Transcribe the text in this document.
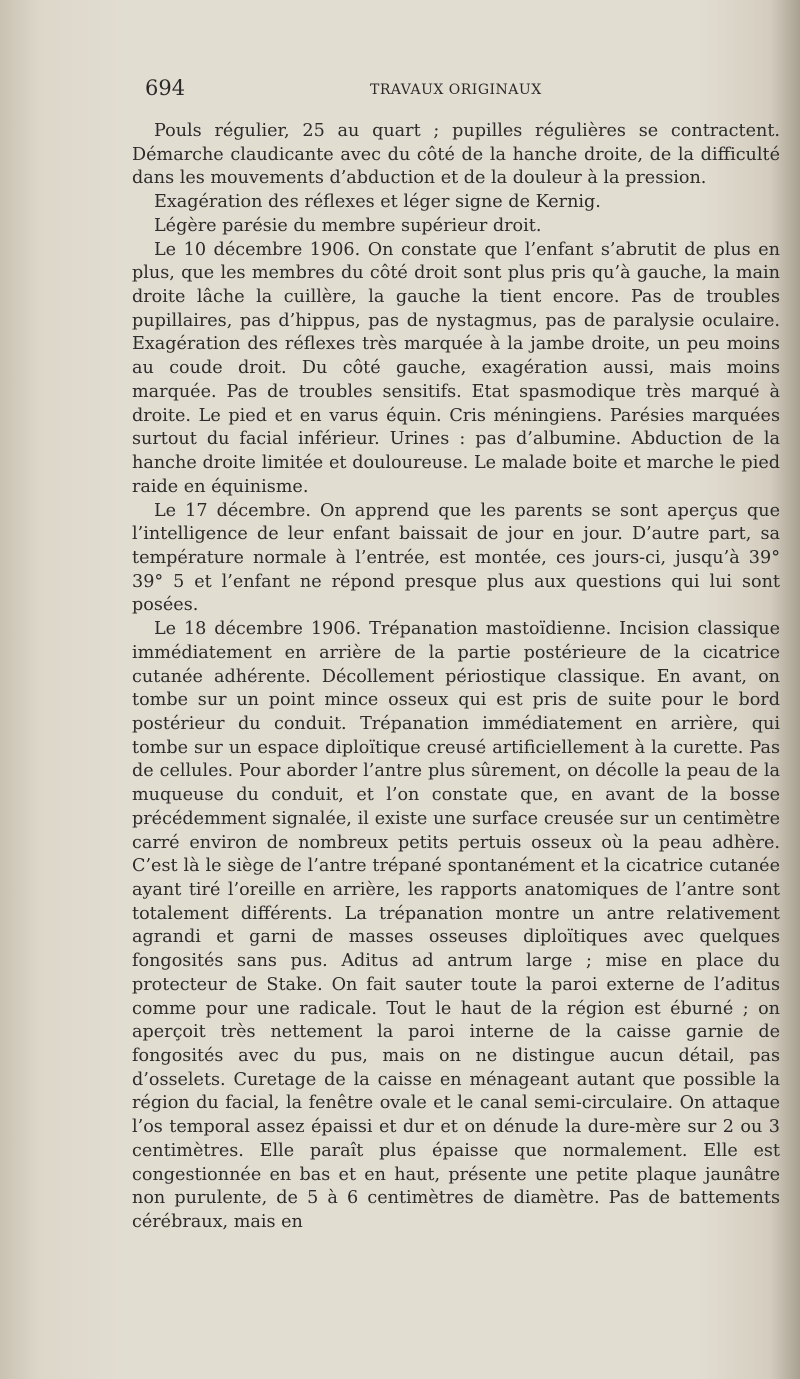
694	TRAVAUX ORIGINAUX

Pouls régulier, 25 au quart ; pupilles régulières se contractent. Démarche claudicante avec du côté de la hanche droite, de la difficulté dans les mouvements d’abduction et de la douleur à la pression.

Exagération des réflexes et léger signe de Kernig.

Légère parésie du membre supérieur droit.

Le 10 décembre 1906. On constate que l’enfant s’abrutit de plus en plus, que les membres du côté droit sont plus pris qu’à gauche, la main droite lâche la cuillère, la gauche la tient encore. Pas de troubles pupillaires, pas d’hippus, pas de nystagmus, pas de paralysie oculaire. Exagération des réflexes très marquée à la jambe droite, un peu moins au coude droit. Du côté gauche, exagération aussi, mais moins marquée. Pas de troubles sensitifs. Etat spasmodique très marqué à droite. Le pied et en varus équin. Cris méningiens. Parésies marquées surtout du facial inférieur. Urines : pas d’albumine. Abduction de la hanche droite limitée et douloureuse. Le malade boite et marche le pied raide en équinisme.

Le 17 décembre. On apprend que les parents se sont aperçus que l’intelligence de leur enfant baissait de jour en jour. D’autre part, sa température normale à l’entrée, est montée, ces jours-ci, jusqu’à 39° 39° 5 et l’enfant ne répond presque plus aux questions qui lui sont posées.

Le 18 décembre 1906. Trépanation mastoïdienne. Incision classique immédiatement en arrière de la partie postérieure de la cicatrice cutanée adhérente. Décollement périostique classique. En avant, on tombe sur un point mince osseux qui est pris de suite pour le bord postérieur du conduit. Trépanation immédiatement en arrière, qui tombe sur un espace diploïtique creusé artificiellement à la curette. Pas de cellules. Pour aborder l’antre plus sûrement, on décolle la peau de la muqueuse du conduit, et l’on constate que, en avant de la bosse précédemment signalée, il existe une surface creusée sur un centimètre carré environ de nombreux petits pertuis osseux où la peau adhère. C’est là le siège de l’antre trépané spontanément et la cicatrice cutanée ayant tiré l’oreille en arrière, les rapports anatomiques de l’antre sont totalement différents. La trépanation montre un antre relativement agrandi et garni de masses osseuses diploïtiques avec quelques fongosités sans pus. Aditus ad antrum large ; mise en place du protecteur de Stake. On fait sauter toute la paroi externe de l’aditus comme pour une radicale. Tout le haut de la région est éburné ; on aperçoit très nettement la paroi interne de la caisse garnie de fongosités avec du pus, mais on ne distingue aucun détail, pas d’osselets. Curetage de la caisse en ménageant autant que possible la région du facial, la fenêtre ovale et le canal semi-circulaire. On attaque l’os temporal assez épaissi et dur et on dénude la dure-mère sur 2 ou 3 centimètres. Elle paraît plus épaisse que normalement. Elle est congestionnée en bas et en haut, présente une petite plaque jaunâtre non purulente, de 5 à 6 centimètres de diamètre. Pas de battements cérébraux, mais en
